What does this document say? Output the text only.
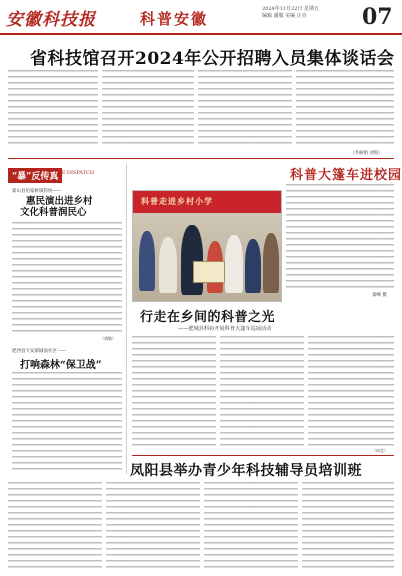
安徽科技报	科普安徽
2024年11月22日 星期五
编辑 潘敬 美编 汪亮	07
省科技馆召开2024年公开招聘入员集体谈话会
（李丽娟 刘锐）
“暴”反传真
THE DISPATCH
霍山县伯家桥镇科协——
惠民演出进乡村
文化科普润民心
（胡敏）
肥西县天安镇城南社区——
打响森林“保卫战”
科普走进乡村小学
科普大篷车进校园
秦峰 摄
行走在乡间的科普之光
——肥城县科协开展科普大篷车巡展活动
（向念）
凤阳县举办青少年科技辅导员培训班
